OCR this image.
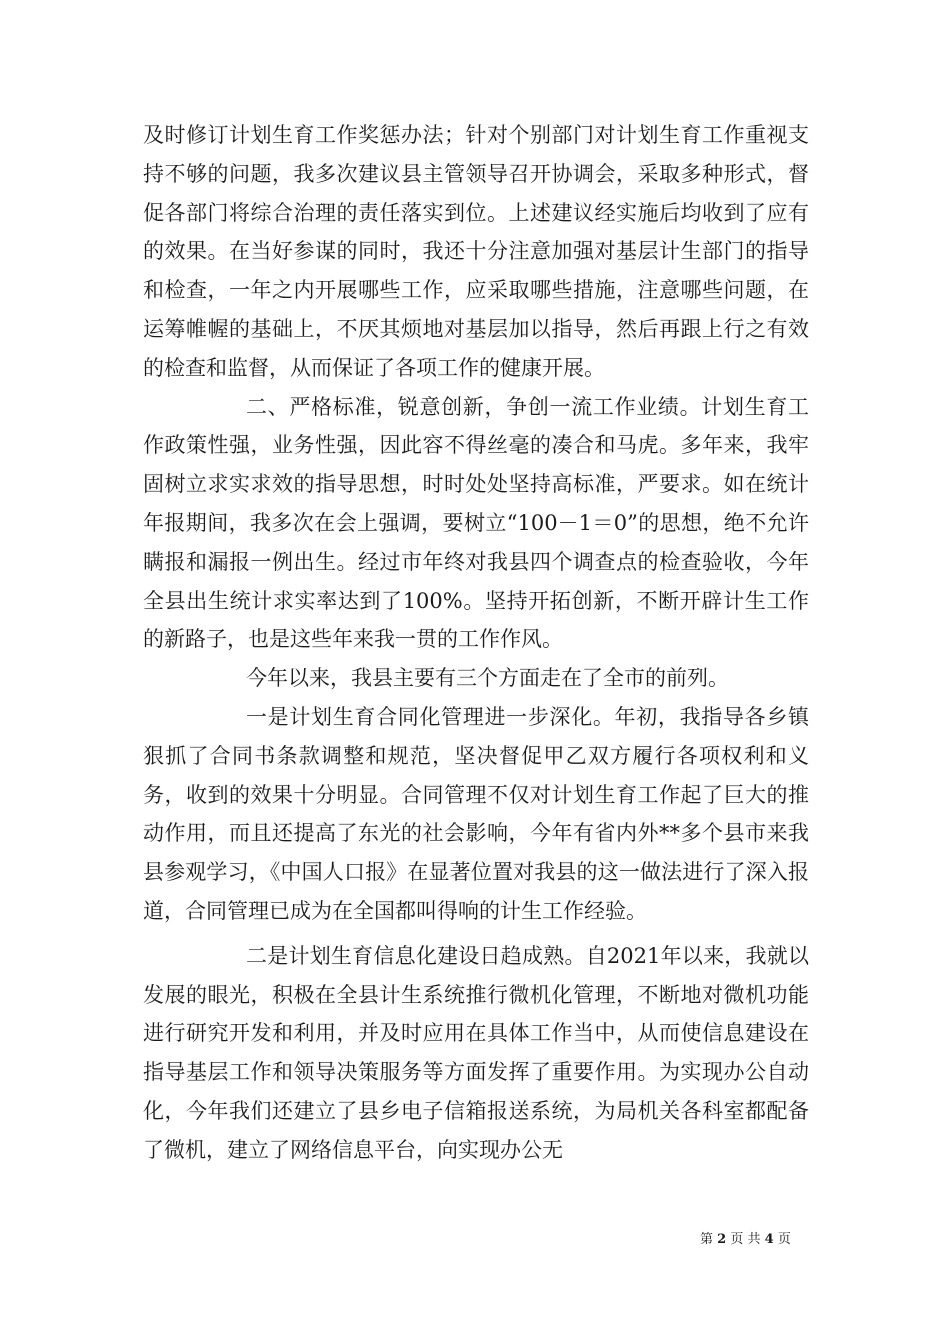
及时修订计划生育工作奖惩办法；针对个别部门对计划生育工作重视支持不够的问题，我多次建议县主管领导召开协调会，采取多种形式，督促各部门将综合治理的责任落实到位。上述建议经实施后均收到了应有的效果。在当好参谋的同时，我还十分注意加强对基层计生部门的指导和检查，一年之内开展哪些工作，应采取哪些措施，注意哪些问题，在运筹帷幄的基础上，不厌其烦地对基层加以指导，然后再跟上行之有效的检查和监督，从而保证了各项工作的健康开展。

二、严格标准，锐意创新，争创一流工作业绩。计划生育工作政策性强，业务性强，因此容不得丝毫的凑合和马虎。多年来，我牢固树立求实求效的指导思想，时时处处坚持高标准，严要求。如在统计年报期间，我多次在会上强调，要树立“100－1＝0”的思想，绝不允许瞒报和漏报一例出生。经过市年终对我县四个调查点的检查验收，今年全县出生统计求实率达到了100%。坚持开拓创新，不断开辟计生工作的新路子，也是这些年来我一贯的工作作风。

今年以来，我县主要有三个方面走在了全市的前列。

一是计划生育合同化管理进一步深化。年初，我指导各乡镇狠抓了合同书条款调整和规范，坚决督促甲乙双方履行各项权利和义务，收到的效果十分明显。合同管理不仅对计划生育工作起了巨大的推动作用，而且还提高了东光的社会影响，今年有省内外**多个县市来我县参观学习，《中国人口报》在显著位置对我县的这一做法进行了深入报道，合同管理已成为在全国都叫得响的计生工作经验。

二是计划生育信息化建设日趋成熟。自2021年以来，我就以发展的眼光，积极在全县计生系统推行微机化管理，不断地对微机功能进行研究开发和利用，并及时应用在具体工作当中，从而使信息建设在指导基层工作和领导决策服务等方面发挥了重要作用。为实现办公自动化，今年我们还建立了县乡电子信箱报送系统，为局机关各科室都配备了微机，建立了网络信息平台，向实现办公无

第 2 页 共 4 页
